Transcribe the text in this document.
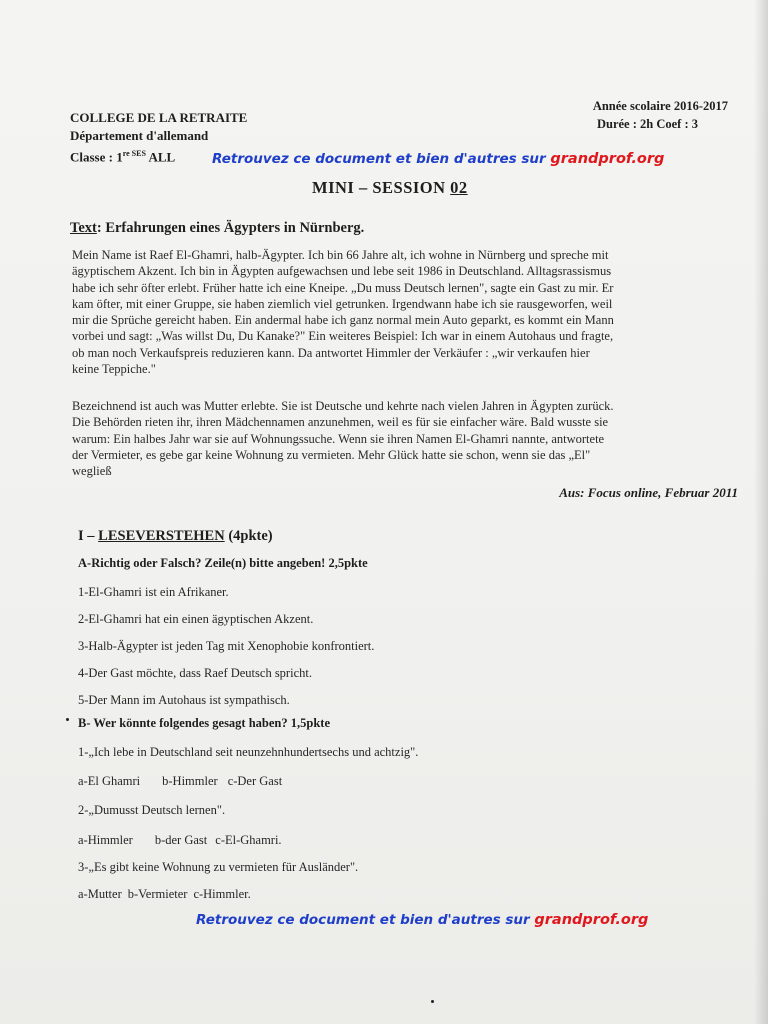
COLLEGE DE LA RETRAITE
Département d'allemand
Classe : $1^{re SES}$ ALL
Année scolaire 2016-2017
Durée : 2h Coef : 3
Retrouvez ce document et bien d'autres sur grandprof.org
MINI – SESSION 02
Text: Erfahrungen eines Ägypters in Nürnberg.
Mein Name ist Raef El-Ghamri, halb-Ägypter. Ich bin 66 Jahre alt, ich wohne in Nürnberg und spreche mit
ägyptischem Akzent. Ich bin in Ägypten aufgewachsen und lebe seit 1986 in Deutschland. Alltagsrassismus
habe ich sehr öfter erlebt. Früher hatte ich eine Kneipe. „Du muss Deutsch lernen", sagte ein Gast zu mir. Er
kam öfter, mit einer Gruppe, sie haben ziemlich viel getrunken. Irgendwann habe ich sie rausgeworfen, weil
mir die Sprüche gereicht haben. Ein andermal habe ich ganz normal mein Auto geparkt, es kommt ein Mann
vorbei und sagt: „Was willst Du, Du Kanake?" Ein weiteres Beispiel: Ich war in einem Autohaus und fragte,
ob man noch Verkaufspreis reduzieren kann. Da antwortet Himmler der Verkäufer : „wir verkaufen hier
keine Teppiche."
Bezeichnend ist auch was Mutter erlebte. Sie ist Deutsche und kehrte nach vielen Jahren in Ägypten zurück.
Die Behörden rieten ihr, ihren Mädchennamen anzunehmen, weil es für sie einfacher wäre. Bald wusste sie
warum: Ein halbes Jahr war sie auf Wohnungssuche. Wenn sie ihren Namen El-Ghamri nannte, antwortete
der Vermieter, es gebe gar keine Wohnung zu vermieten. Mehr Glück hatte sie schon, wenn sie das „El"
wegließ
Aus: Focus online, Februar 2011
I – LESEVERSTEHEN (4pkte)
A-Richtig oder Falsch? Zeile(n) bitte angeben! 2,5pkte
1-El-Ghamri ist ein Afrikaner.
2-El-Ghamri hat ein einen ägyptischen Akzent.
3-Halb-Ägypter ist jeden Tag mit Xenophobie konfrontiert.
4-Der Gast möchte, dass Raef Deutsch spricht.
5-Der Mann im Autohaus ist sympathisch.
B- Wer könnte folgendes gesagt haben? 1,5pkte
1-„Ich lebe in Deutschland seit neunzehnhundertsechs und achtzig".
a-El Ghamri b-Himmler c-Der Gast
2-„Dumusst Deutsch lernen".
a-Himmler b-der Gast c-El-Ghamri.
3-„Es gibt keine Wohnung zu vermieten für Ausländer".
a-Mutter b-Vermieter c-Himmler.
Retrouvez ce document et bien d'autres sur grandprof.org
